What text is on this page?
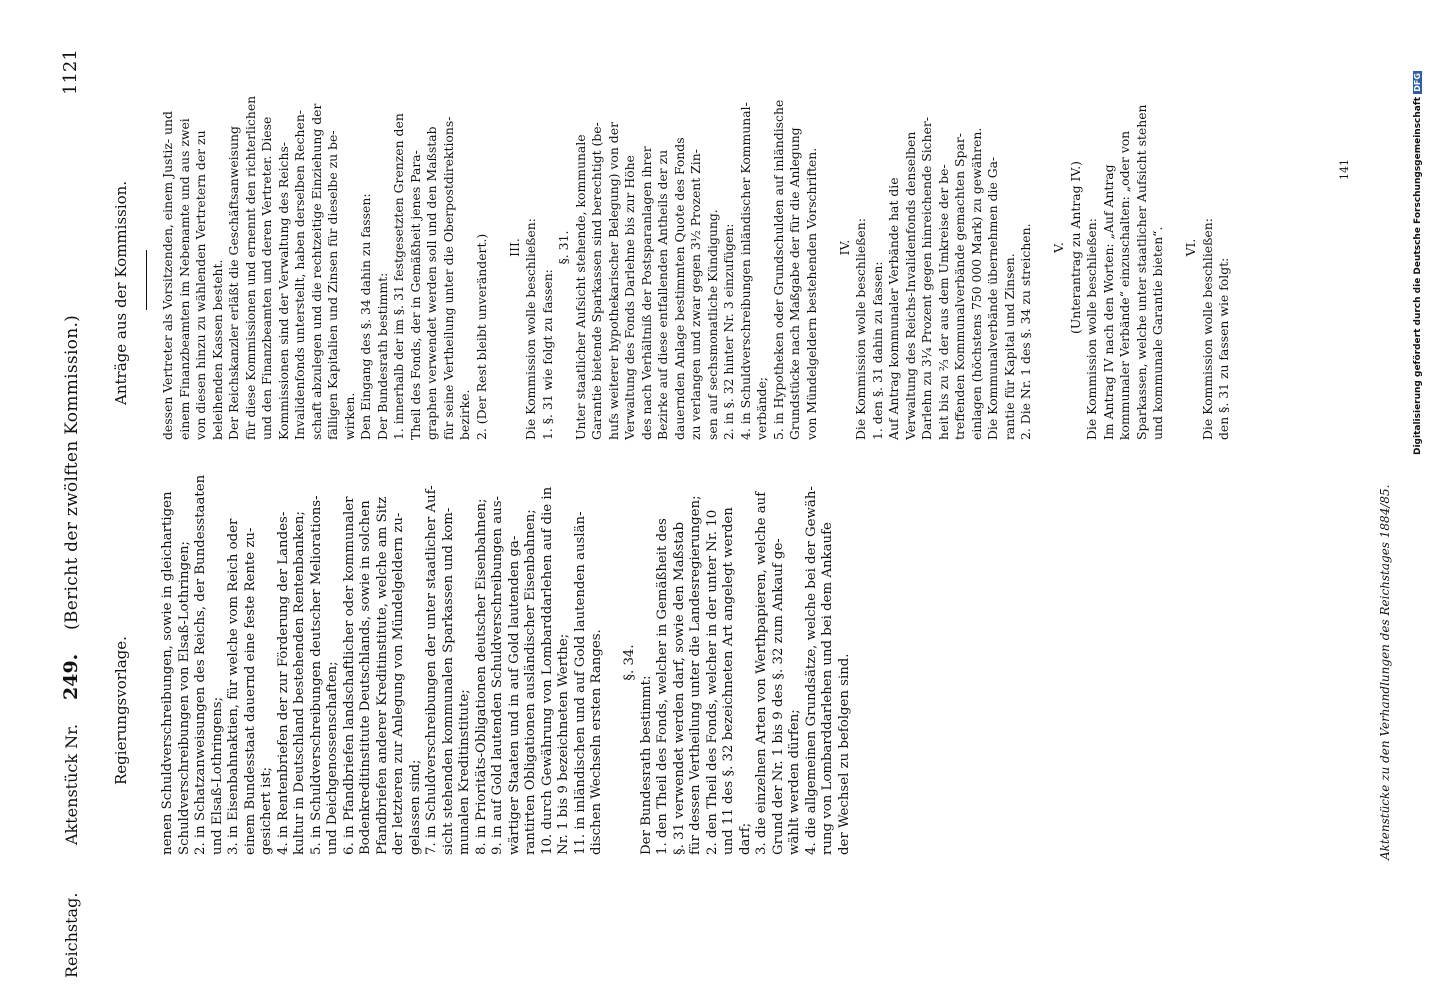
Reichstag.
Aktenstück Nr.
249.
(Bericht der zwölften Kommission.)
1121
Regierungsvorlage.
Anträge aus der Kommission.
nenen Schuldverschreibungen, sowie in gleichartigen Schuldverschreibungen von Elsaß-Lothringen; 2. in Schatzanweisungen des Reichs, der Bundesstaaten und Elsaß-Lothringens; 3. in Eisenbahnaktien, für welche vom Reich oder einem Bundesstaat dauernd eine feste Rente zu- gesichert ist; 4. in Rentenbriefen der zur Förderung der Landes- kultur in Deutschland bestehenden Rentenbanken; 5. in Schuldverschreibungen deutscher Meliorations- und Deichgenossenschaften; 6. in Pfandbriefen landschaftlicher oder kommunaler Bodenkreditinstitute Deutschlands, sowie in solchen Pfandbriefen anderer Kreditinstitute, welche am Sitz der letzteren zur Anlegung von Mündelgeldern zu- gelassen sind; 7. in Schuldverschreibungen der unter staatlicher Auf- sicht stehenden kommunalen Sparkassen und kom- munalen Kreditinstitute; 8. in Prioritäts-Obligationen deutscher Eisenbahnen; 9. in auf Gold lautenden Schuldverschreibungen aus- wärtiger Staaten und in auf Gold lautenden ga- rantirten Obligationen ausländischer Eisenbahnen; 10. durch Gewährung von Lombarddarlehen auf die in Nr. 1 bis 9 bezeichneten Werthe; 11. in inländischen und auf Gold lautenden auslän- dischen Wechseln ersten Ranges. §. 34.
Der Bundesrath bestimmt: 1. den Theil des Fonds, welcher in Gemäßheit des §. 31 verwendet werden darf, sowie den Maßstab für dessen Vertheilung unter die Landesregierungen; 2. den Theil des Fonds, welcher in der unter Nr. 10 und 11 des §. 32 bezeichneten Art angelegt werden darf; 3. die einzelnen Arten von Werthpapieren, welche auf Grund der Nr. 1 bis 9 des §. 32 zum Ankauf ge- wählt werden dürfen; 4. die allgemeinen Grundsätze, welche bei der Gewäh- rung von Lombarddarlehen und bei dem Ankaufe der Wechsel zu befolgen sind.
dessen Vertreter als Vorsitzenden, einem Justiz- und einem Finanzbeamten im Nebenamte und aus zwei von diesen hinzu zu wählenden Vertretern der zu beleihenden Kassen besteht. Der Reichskanzler erläßt die Geschäftsanweisung für diese Kommissionen und ernennt den richterlichen und den Finanzbeamten und deren Vertreter. Diese Kommissionen sind der Verwaltung des Reichs- Invalidenfonds unterstellt, haben derselben Rechen- schaft abzulegen und die rechtzeitige Einziehung der fälligen Kapitalien und Zinsen für dieselbe zu be- wirken. Den Eingang des §. 34 dahin zu fassen: Der Bundesrath bestimmt: 1. innerhalb der im §. 31 festgesetzten Grenzen den Theil des Fonds, der in Gemäßheit jenes Para- graphen verwendet werden soll und den Maßstab für seine Vertheilung unter die Oberpostdirektions- bezirke. 2. (Der Rest bleibt unverändert.) III. Die Kommission wolle beschließen: 1. §. 31 wie folgt zu fassen:
§. 31. Unter staatlicher Aufsicht stehende, kommunale Garantie bietende Sparkassen sind berechtigt (be- hufs weiterer hypothekarischer Belegung) von der Verwaltung des Fonds Darlehne bis zur Höhe des nach Verhältniß der Postsparanlagen ihrer Bezirke auf diese entfallenden Antheils der zu dauernden Anlage bestimmten Quote des Fonds zu verlangen und zwar gegen 3½ Prozent Zin- sen auf sechsmonatliche Kündigung. 2. in §. 32 hinter Nr. 3 einzufügen: 4. in Schuldverschreibungen inländischer Kommunal- verbände; 5. in Hypotheken oder Grundschulden auf inländische Grundstücke nach Maßgabe der für die Anlegung von Mündelgeldern bestehenden Vorschriften. IV. Die Kommission wolle beschließen: 1. den §. 31 dahin zu fassen: Auf Antrag kommunaler Verbände hat die Verwaltung des Reichs-Invalidenfonds denselben Darlehn zu 3¼ Prozent gegen hinreichende Sicher- heit bis zu ⅔ der aus dem Umkreise der be- treffenden Kommunalverbände gemachten Spar- einlagen (höchstens 750 000 Mark) zu gewähren. Die Kommunalverbände übernehmen die Ga- rantie für Kapital und Zinsen. 2. Die Nr. 1 des §. 34 zu streichen. V. (Unterantrag zu Antrag IV.) Die Kommission wolle beschließen: Im Antrag IV nach den Worten: „Auf Antrag kommunaler Verbände“ einzuschalten: „oder von Sparkassen, welche unter staatlicher Aufsicht stehen und kommunale Garantie bieten“. VI. Die Kommission wolle beschließen: den §. 31 zu fassen wie folgt:
Aktenstücke zu den Verhandlungen des Reichstages 1884/85.
141	Digitalisierung gefördert durch die Deutsche Forschungsgemeinschaft DFG
